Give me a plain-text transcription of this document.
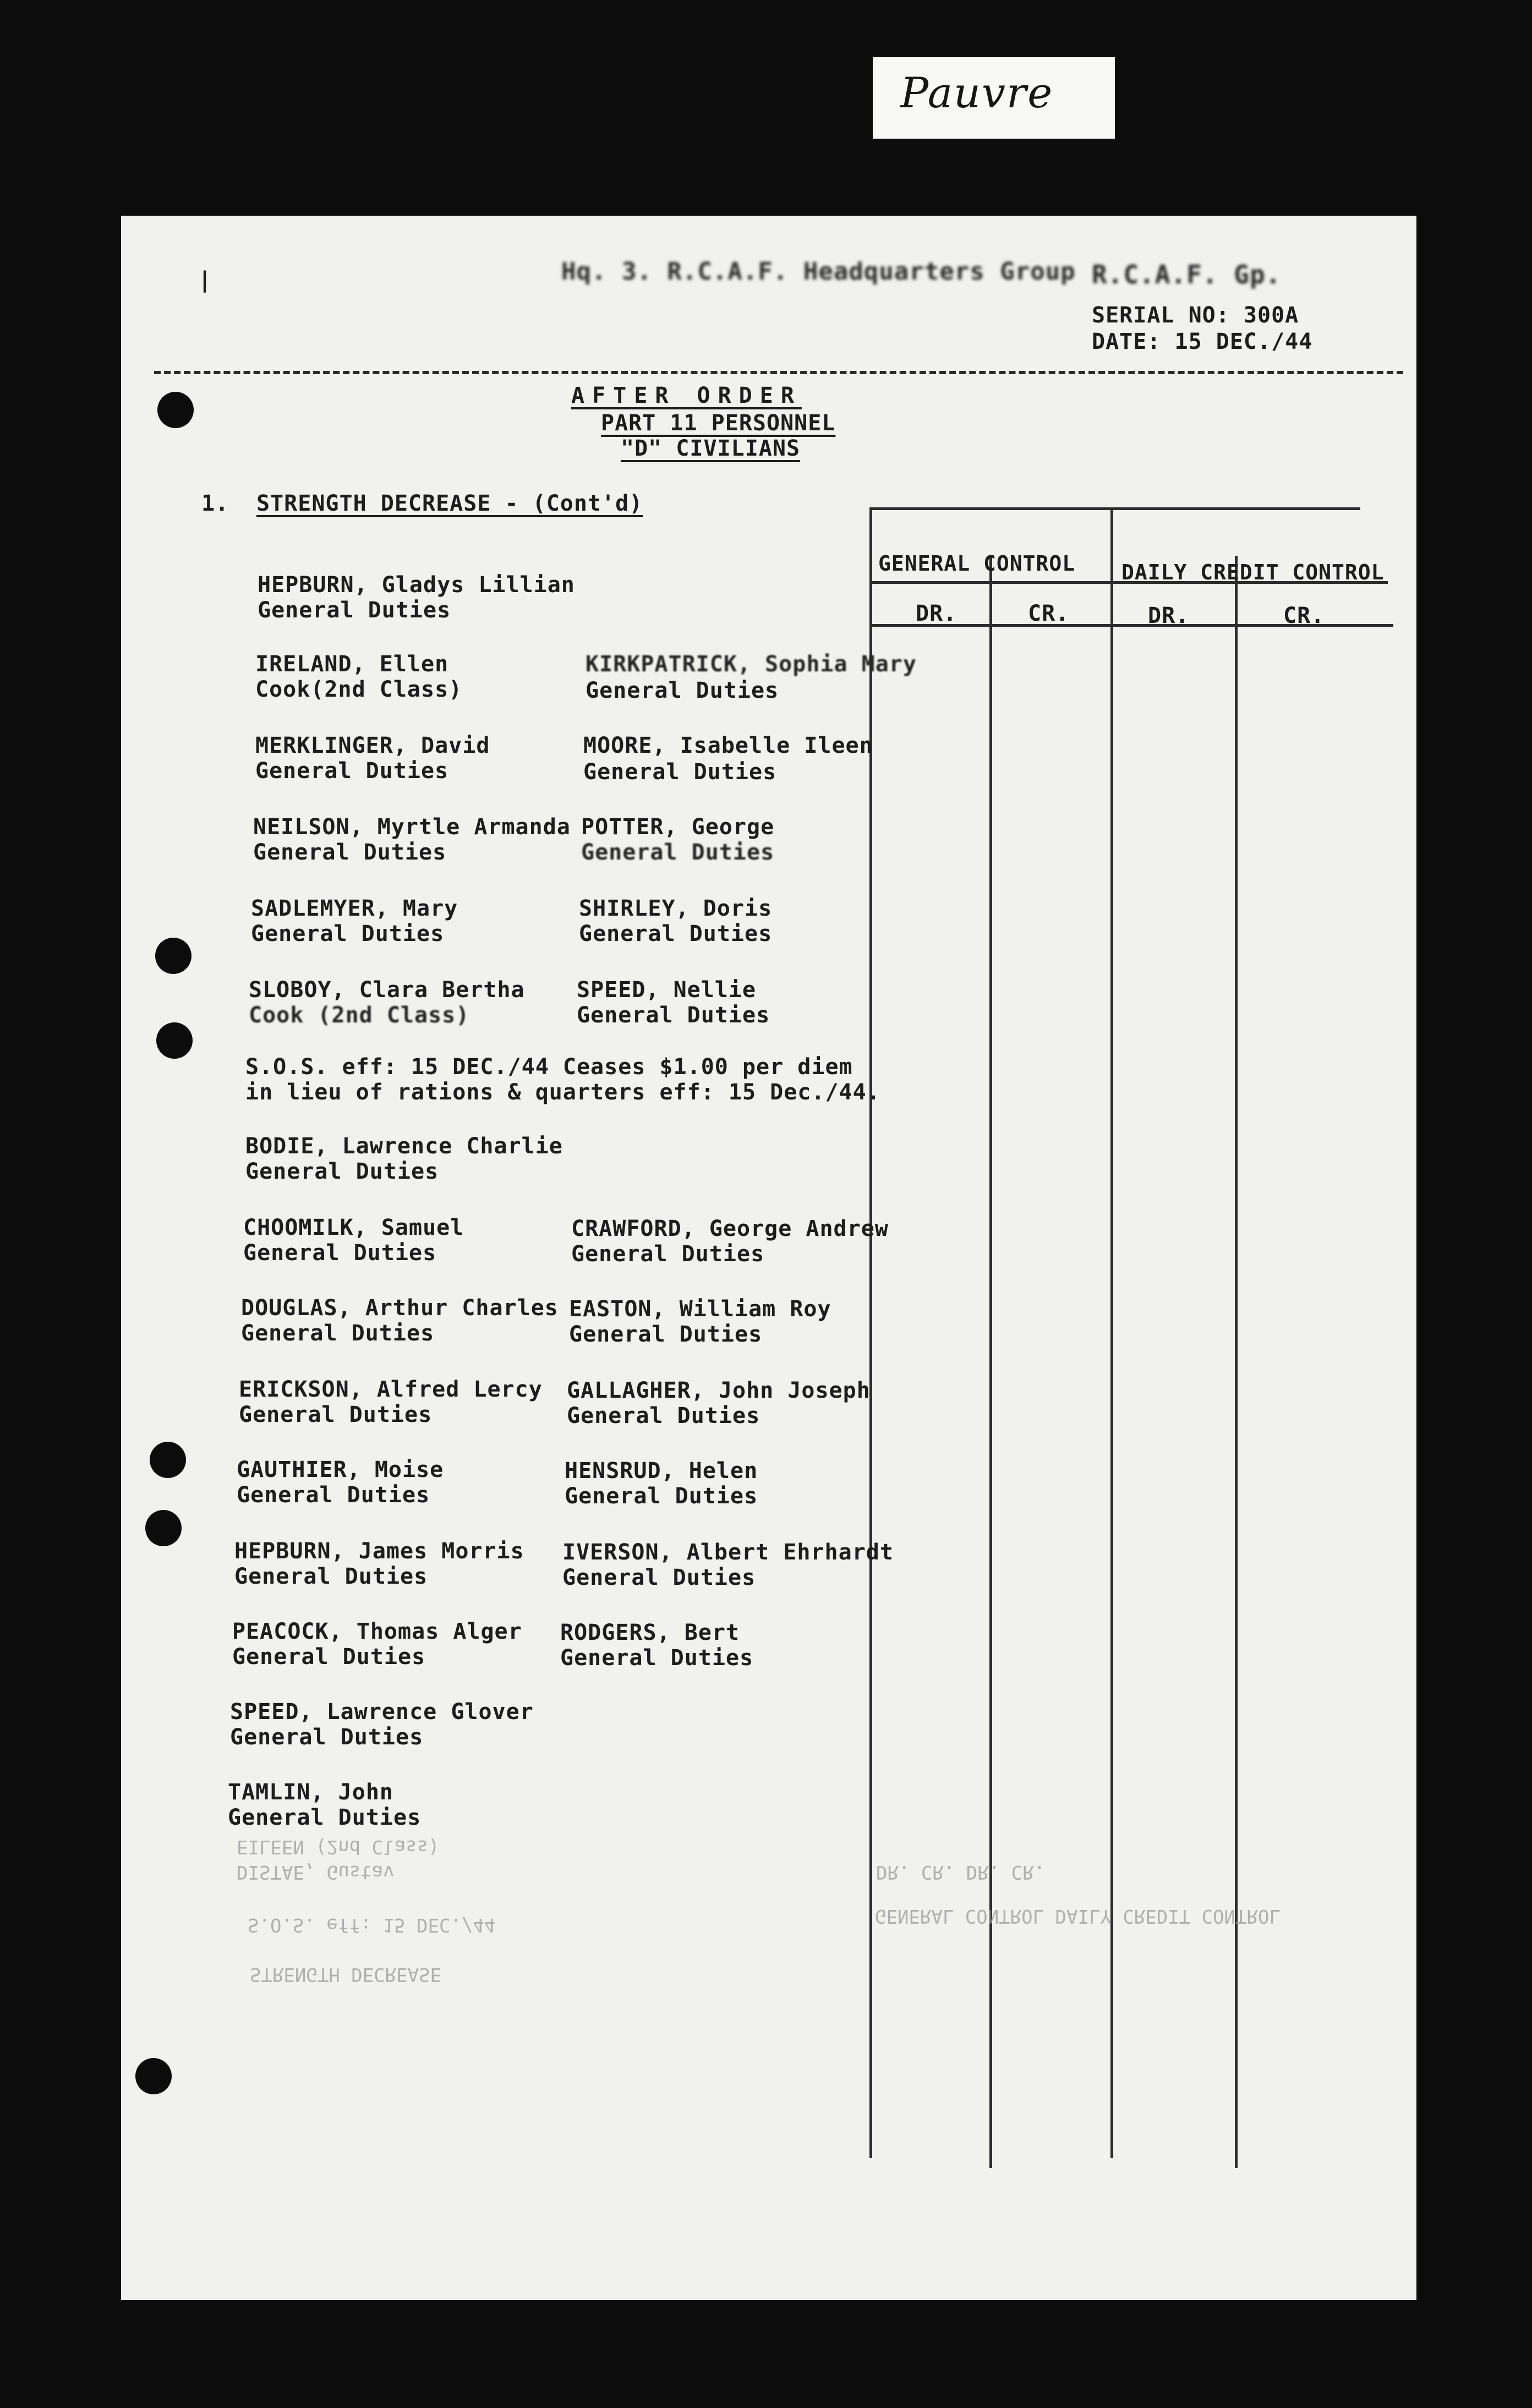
Pauvre
|	Hq. 3. R.C.A.F. Headquarters Group R.C.A.F. Gp.
SERIAL NO: 300A
DATE: 15 DEC./44
AFTER ORDER
PART 11 PERSONNEL
"D" CIVILIANS
1. STRENGTH DECREASE - (Cont'd)
GENERAL CONTROL DAILY CREDIT CONTROL
DR.	CR.	DR.	CR.
HEPBURN, Gladys Lillian
General Duties
IRELAND, Ellen
Cook(2nd Class)
KIRKPATRICK, Sophia Mary
General Duties
MERKLINGER, David
General Duties
MOORE, Isabelle Ileen
General Duties
NEILSON, Myrtle Armanda
General Duties
POTTER, George
General Duties
SADLEMYER, Mary
General Duties
SHIRLEY, Doris
General Duties
SLOBOY, Clara Bertha
Cook (2nd Class)
SPEED, Nellie
General Duties
S.O.S. eff: 15 DEC./44 Ceases $1.00 per diem
in lieu of rations & quarters eff: 15 Dec./44.
BODIE, Lawrence Charlie
General Duties
CHOOMILK, Samuel
General Duties
CRAWFORD, George Andrew
General Duties
DOUGLAS, Arthur Charles
General Duties
EASTON, William Roy
General Duties
ERICKSON, Alfred Lercy
General Duties
GALLAGHER, John Joseph
General Duties
GAUTHIER, Moise
General Duties
HENSRUD, Helen
General Duties
HEPBURN, James Morris
General Duties
IVERSON, Albert Ehrhardt
General Duties
PEACOCK, Thomas Alger
General Duties
RODGERS, Bert
General Duties
SPEED, Lawrence Glover
General Duties
TAMLIN, John
General Duties
EILEEN (2nd Class)
DISTAE, Gustav
S.O.S. eff: 15 DEC./44
STRENGTH DECREASE
DR. CR. DR. CR.
GENERAL CONTROL DAILY CREDIT CONTROL
